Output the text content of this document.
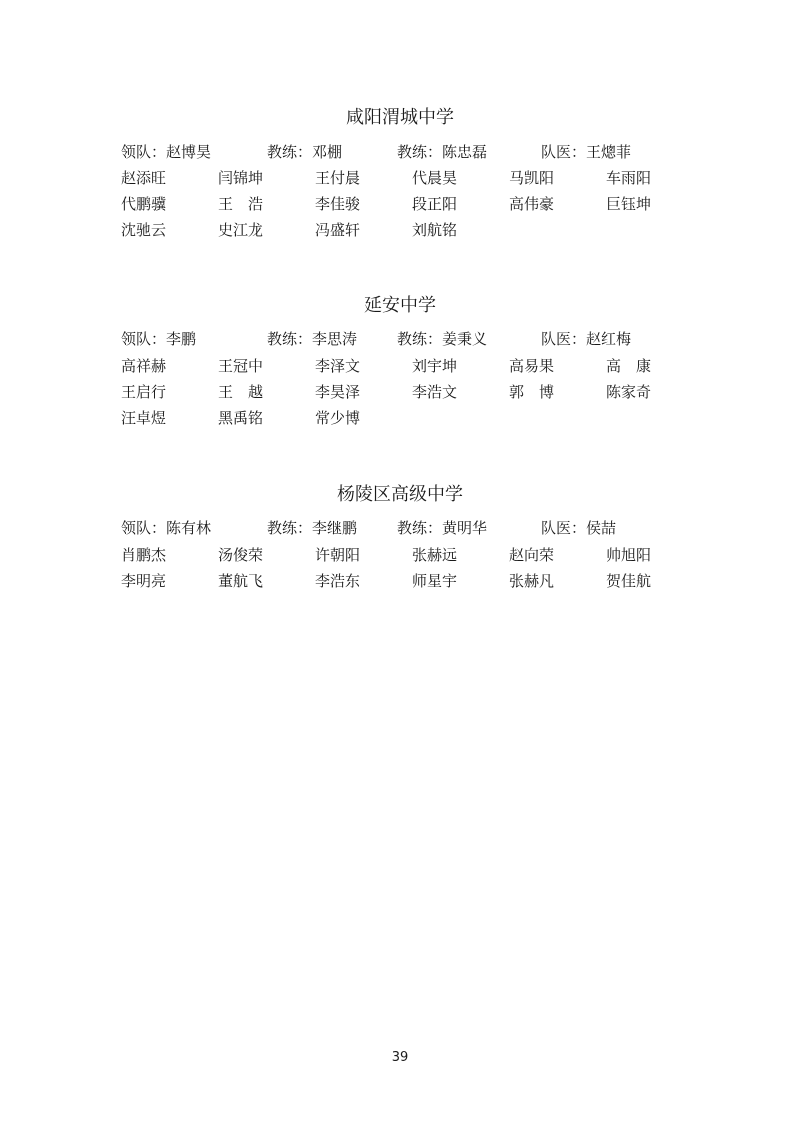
咸阳渭城中学
领队：赵博昊	教练：邓棚	教练：陈忠磊	队医：王熜菲
赵添旺	闫锦坤	王付晨	代晨昊	马凯阳	车雨阳
代鹏骥	王　浩	李佳骏	段正阳	高伟豪	巨钰坤
沈驰云	史江龙	冯盛轩	刘航铭
延安中学
领队：李鹏	教练：李思涛	教练：姜秉义	队医：赵红梅
高祥赫	王冠中	李泽文	刘宇坤	高易果	高　康
王启行	王　越	李昊泽	李浩文	郭　博	陈家奇
汪卓煜	黑禹铭	常少博
杨陵区高级中学
领队：陈有林	教练：李继鹏	教练：黄明华	队医：侯喆
肖鹏杰	汤俊荣	许朝阳	张赫远	赵向荣	帅旭阳
李明亮	董航飞	李浩东	师星宇	张赫凡	贺佳航
39
